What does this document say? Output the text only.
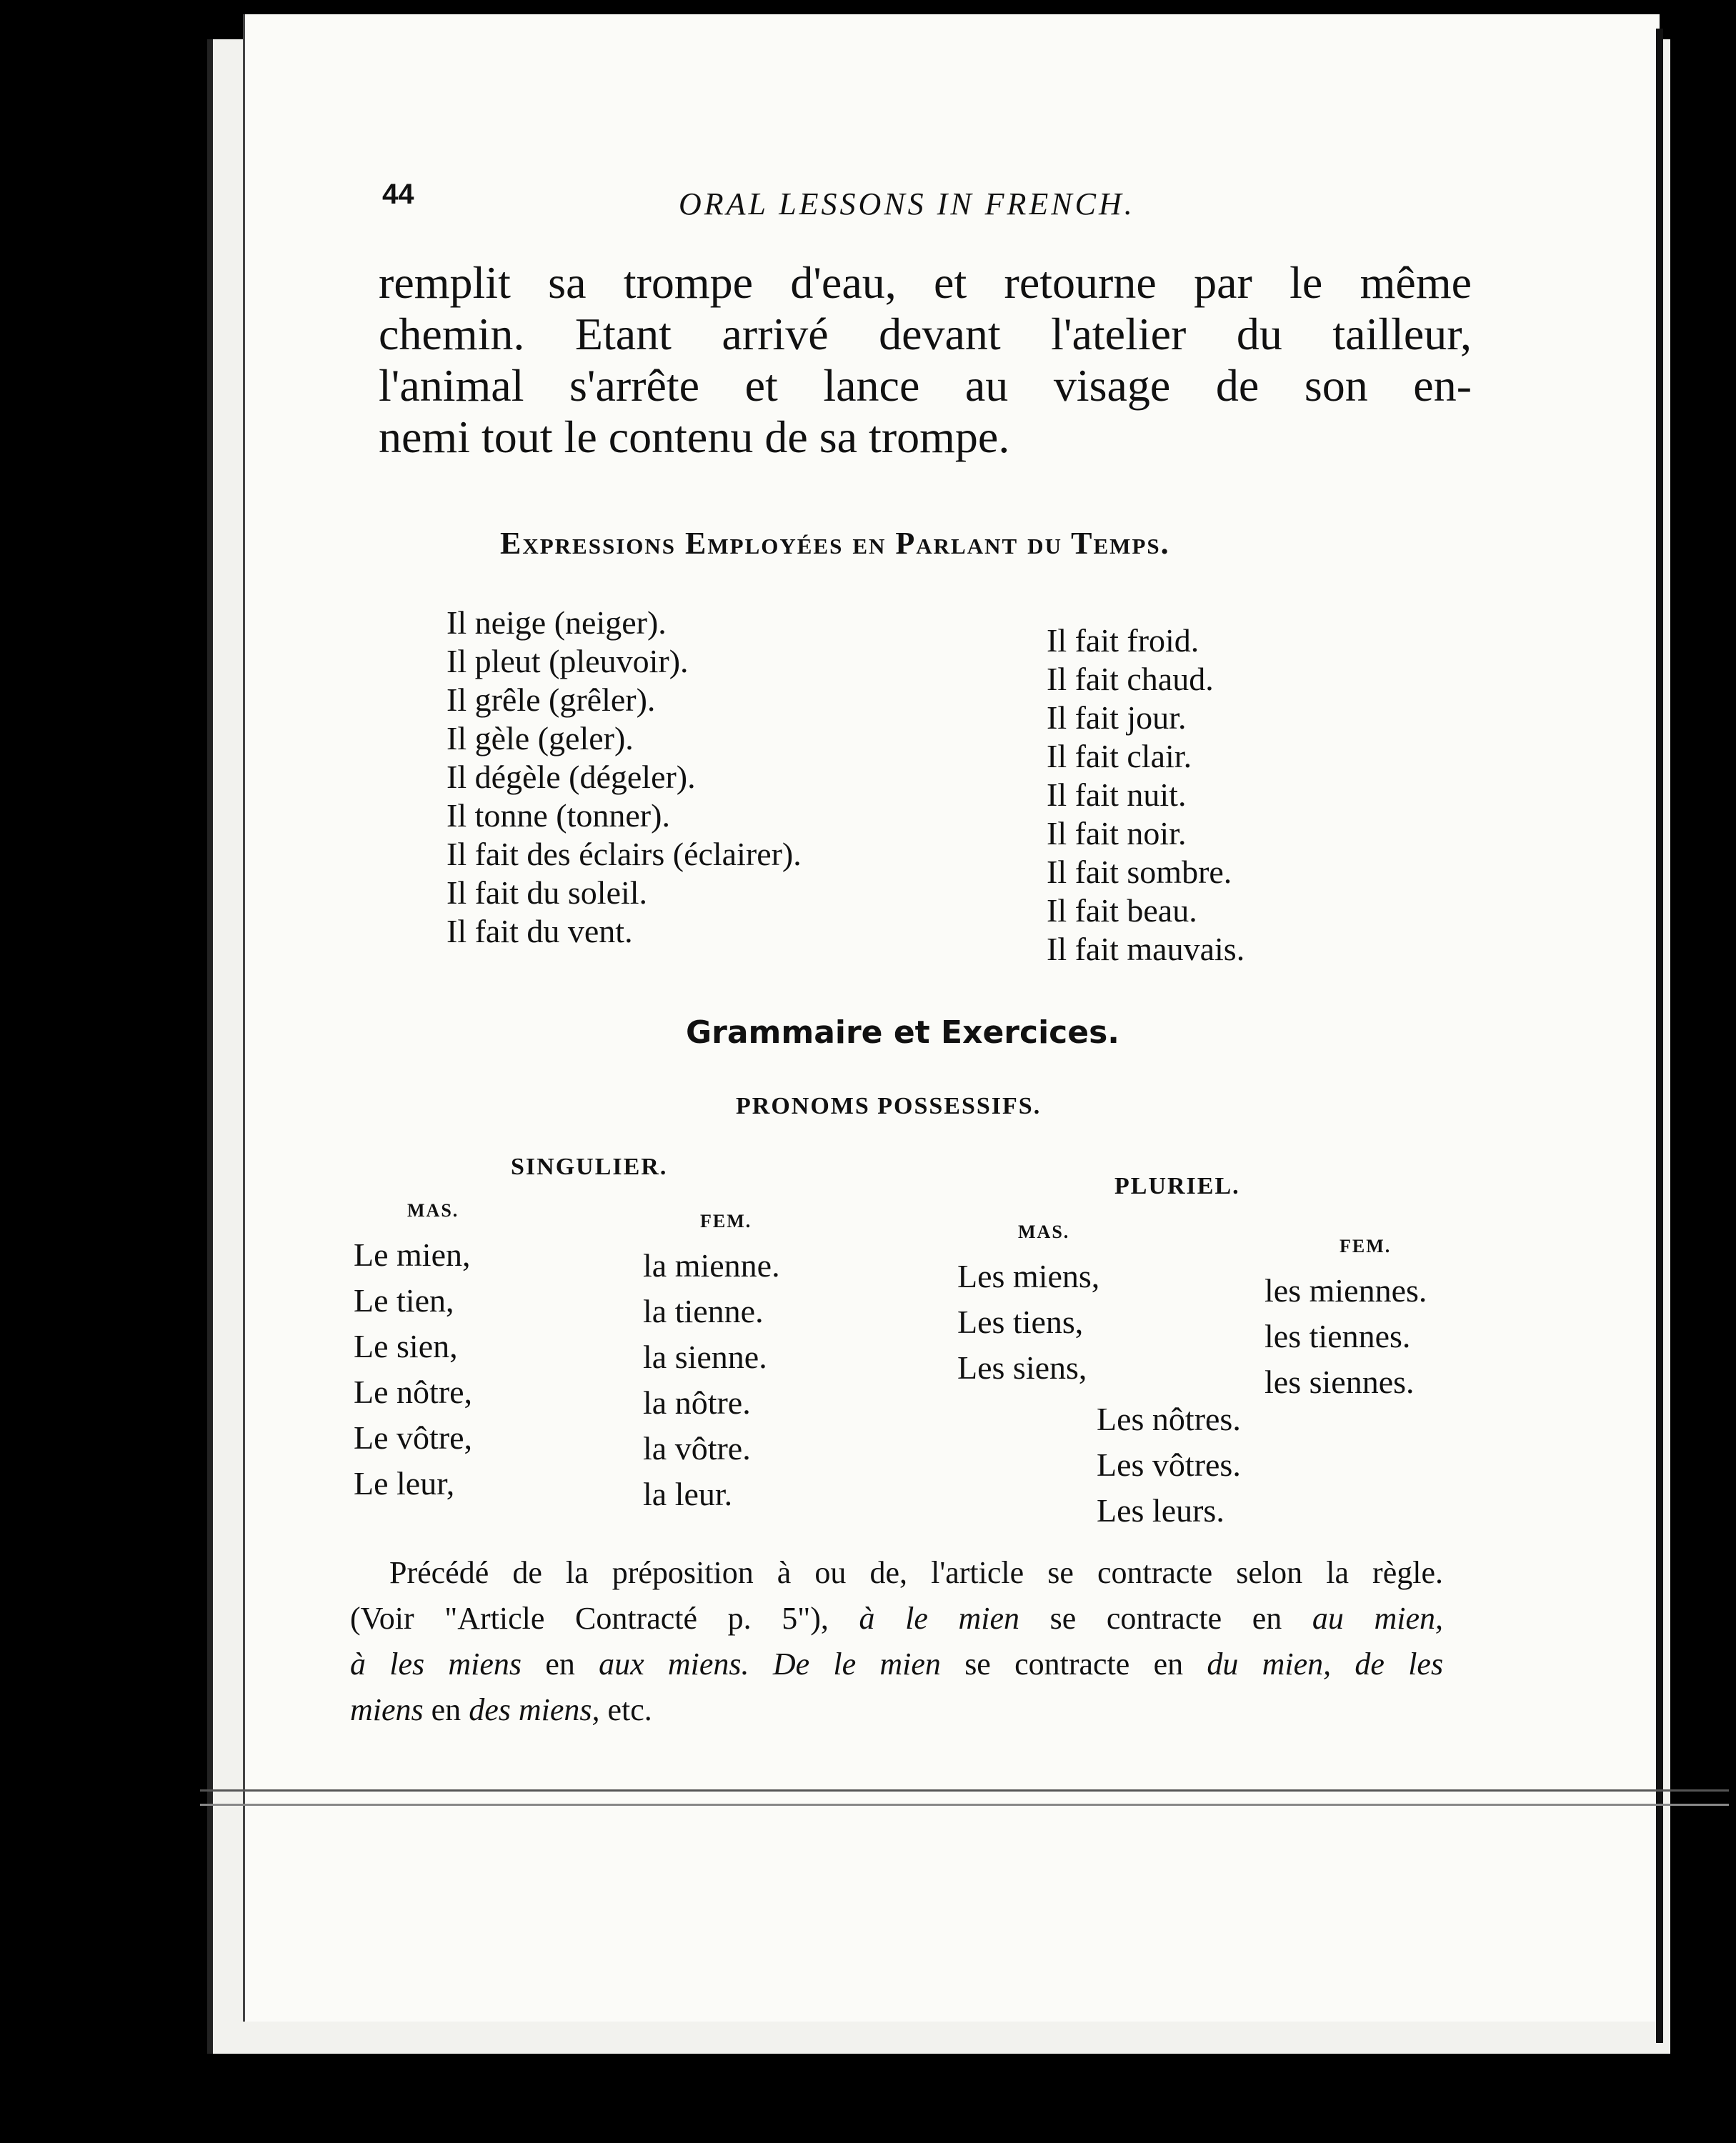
44	ORAL LESSONS IN FRENCH.
remplit sa trompe d'eau, et retourne par le même
chemin. Etant arrivé devant l'atelier du tailleur,
l'animal s'arrête et lance au visage de son en-
nemi tout le contenu de sa trompe.
Expressions Employées en Parlant du Temps.
Il neige (neiger).
Il pleut (pleuvoir).
Il grêle (grêler).
Il gèle (geler).
Il dégèle (dégeler).
Il tonne (tonner).
Il fait des éclairs (éclairer).
Il fait du soleil.
Il fait du vent.
Il fait froid.
Il fait chaud.
Il fait jour.
Il fait clair.
Il fait nuit.
Il fait noir.
Il fait sombre.
Il fait beau.
Il fait mauvais.
Grammaire et Exercices.
PRONOMS POSSESSIFS.
SINGULIER.
MAS.
FEM.
Le mien,
Le tien,
Le sien,
Le nôtre,
Le vôtre,
Le leur,
la mienne.
la tienne.
la sienne.
la nôtre.
la vôtre.
la leur.
PLURIEL.
MAS.
FEM.
Les miens,
Les tiens,
Les siens,
les miennes.
les tiennes.
les siennes.
Les nôtres.
Les vôtres.
Les leurs.
Précédé de la préposition à ou de, l'article se contracte selon la règle.
(Voir "Article Contracté p. 5"), à le mien se contracte en au mien,
à les miens en aux miens. De le mien se contracte en du mien, de les
miens en des miens, etc.
